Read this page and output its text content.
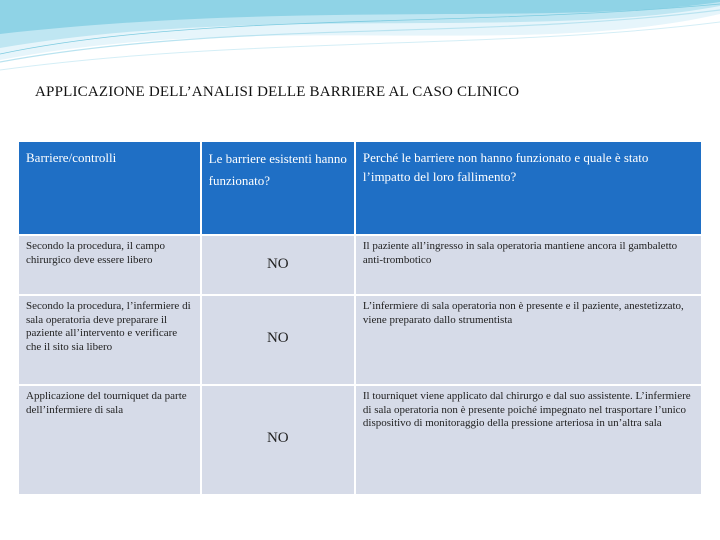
APPLICAZIONE DELL’ANALISI DELLE BARRIERE AL CASO CLINICO
Barriere/controlli	Le barriere esistenti hanno funzionato?	Perché le barriere non hanno funzionato e quale è stato l’impatto del loro fallimento?
Secondo la procedura, il campo chirurgico deve essere libero	NO	Il paziente all’ingresso in sala operatoria mantiene ancora il gambaletto anti-trombotico
Secondo la procedura, l’infermiere di sala operatoria deve preparare il paziente all’intervento e verificare che il sito sia libero	NO	L’infermiere di sala operatoria non è presente e il paziente, anestetizzato, viene preparato dallo strumentista
Applicazione del tourniquet da parte dell’infermiere di sala	NO	Il tourniquet viene applicato dal chirurgo e dal suo assistente. L’infermiere di sala operatoria non è presente poiché impegnato nel trasportare l’unico dispositivo di monitoraggio della pressione arteriosa in un’altra sala
